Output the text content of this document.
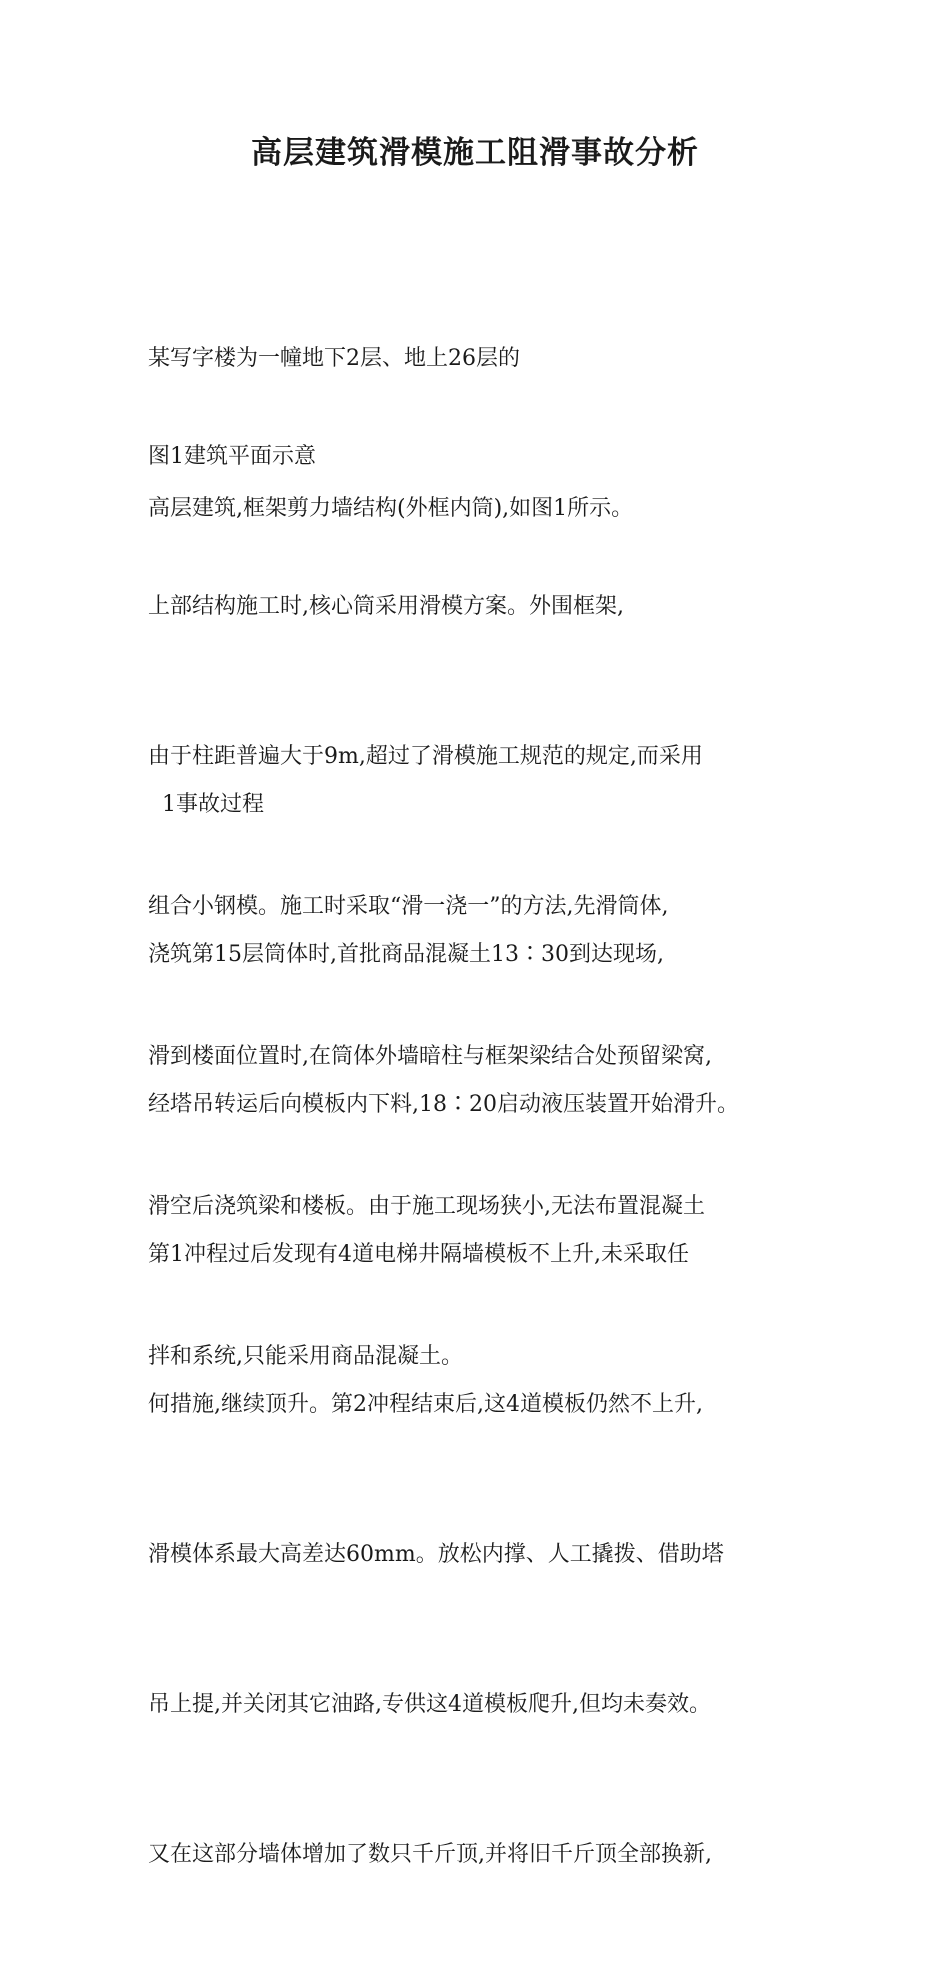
高层建筑滑模施工阻滑事故分析

某写字楼为一幢地下2层、地上26层的

高层建筑,框架剪力墙结构(外框内筒),如图1所示。

图1建筑平面示意

上部结构施工时,核心筒采用滑模方案。外围框架,

由于柱距普遍大于9m,超过了滑模施工规范的规定,而采用

组合小钢模。施工时采取“滑一浇一”的方法,先滑筒体,

滑到楼面位置时,在筒体外墙暗柱与框架梁结合处预留梁窝,

滑空后浇筑梁和楼板。由于施工现场狭小,无法布置混凝土

拌和系统,只能采用商品混凝土。

1事故过程

浇筑第15层筒体时,首批商品混凝土13∶30到达现场,

经塔吊转运后向模板内下料,18∶20启动液压装置开始滑升。

第1冲程过后发现有4道电梯井隔墙模板不上升,未采取任

何措施,继续顶升。第2冲程结束后,这4道模板仍然不上升,

滑模体系最大高差达60mm。放松内撑、人工撬拨、借助塔

吊上提,并关闭其它油路,专供这4道模板爬升,但均未奏效。

又在这部分墙体增加了数只千斤顶,并将旧千斤顶全部换新,
